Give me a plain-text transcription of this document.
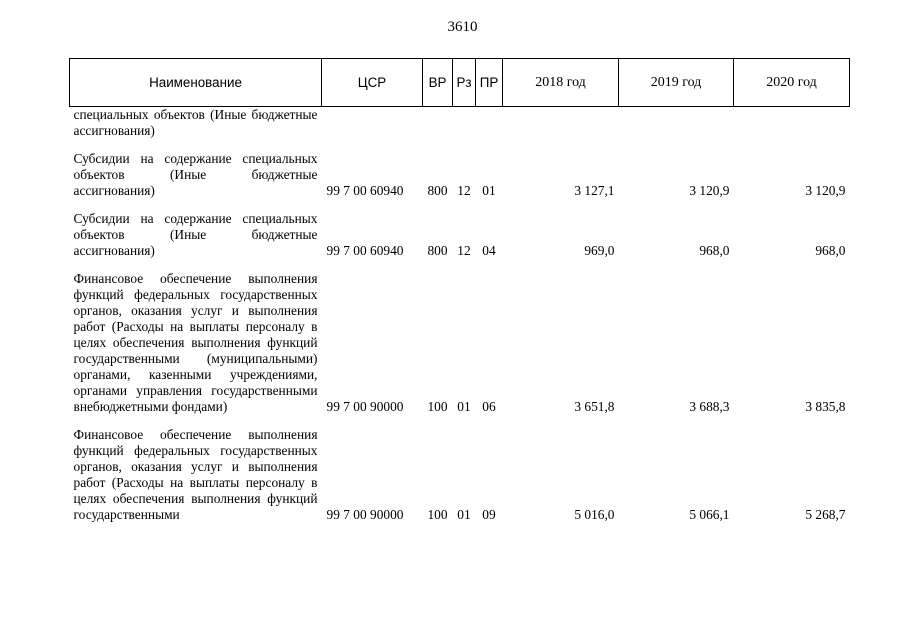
3610
Наименование	ЦСР	ВР	Рз	ПР	2018 год	2019 год	2020 год
специальных объектов (Иные бюджетные ассигнования)							
Субсидии на содержание специальных объектов (Иные бюджетные ассигнования)	99 7 00 60940	800	12	01	3 127,1	3 120,9	3 120,9
Субсидии на содержание специальных объектов (Иные бюджетные ассигнования)	99 7 00 60940	800	12	04	969,0	968,0	968,0
Финансовое обеспечение выполнения функций федеральных государственных органов, оказания услуг и выполнения работ (Расходы на выплаты персоналу в целях обеспечения выполнения функций государственными (муниципальными) органами, казенными учреждениями, органами управления государственными внебюджетными фондами)	99 7 00 90000	100	01	06	3 651,8	3 688,3	3 835,8
Финансовое обеспечение выполнения функций федеральных государственных органов, оказания услуг и выполнения работ (Расходы на выплаты персоналу в целях обеспечения выполнения функций государственными	99 7 00 90000	100	01	09	5 016,0	5 066,1	5 268,7
